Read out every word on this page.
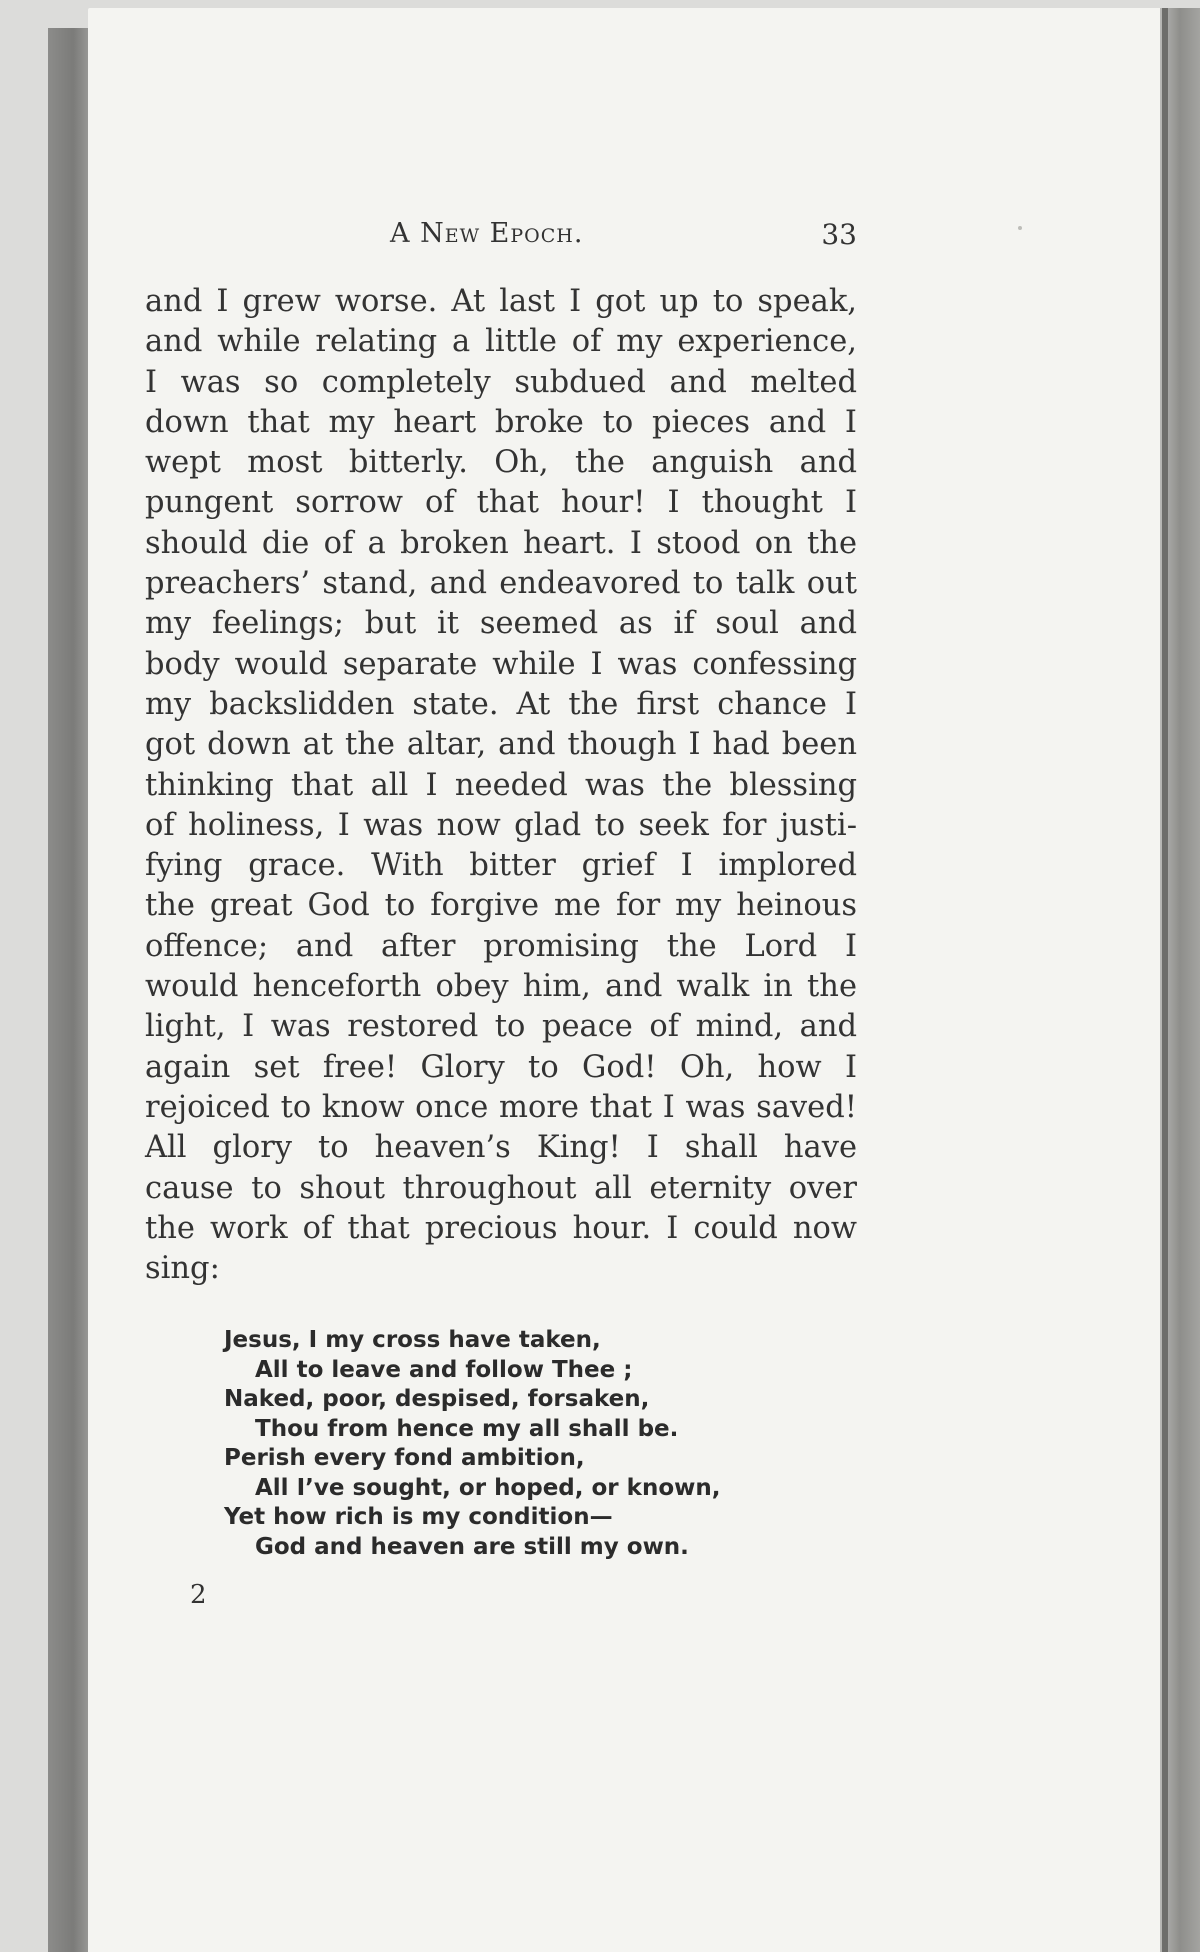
A New Epoch.	33
and I grew worse. At last I got up to speak,
and while relating a little of my experience,
I was so completely subdued and melted
down that my heart broke to pieces and I
wept most bitterly. Oh, the anguish and
pungent sorrow of that hour! I thought I
should die of a broken heart. I stood on the
preachers’ stand, and endeavored to talk out
my feelings; but it seemed as if soul and
body would separate while I was confessing
my backslidden state. At the first chance I
got down at the altar, and though I had been
thinking that all I needed was the blessing
of holiness, I was now glad to seek for justi-
fying grace. With bitter grief I implored
the great God to forgive me for my heinous
offence; and after promising the Lord I
would henceforth obey him, and walk in the
light, I was restored to peace of mind, and
again set free! Glory to God! Oh, how I
rejoiced to know once more that I was saved!
All glory to heaven’s King! I shall have
cause to shout throughout all eternity over
the work of that precious hour. I could now
sing:
Jesus, I my cross have taken,
All to leave and follow Thee ;
Naked, poor, despised, forsaken,
Thou from hence my all shall be.
Perish every fond ambition,
All I’ve sought, or hoped, or known,
Yet how rich is my condition—
God and heaven are still my own.
2
